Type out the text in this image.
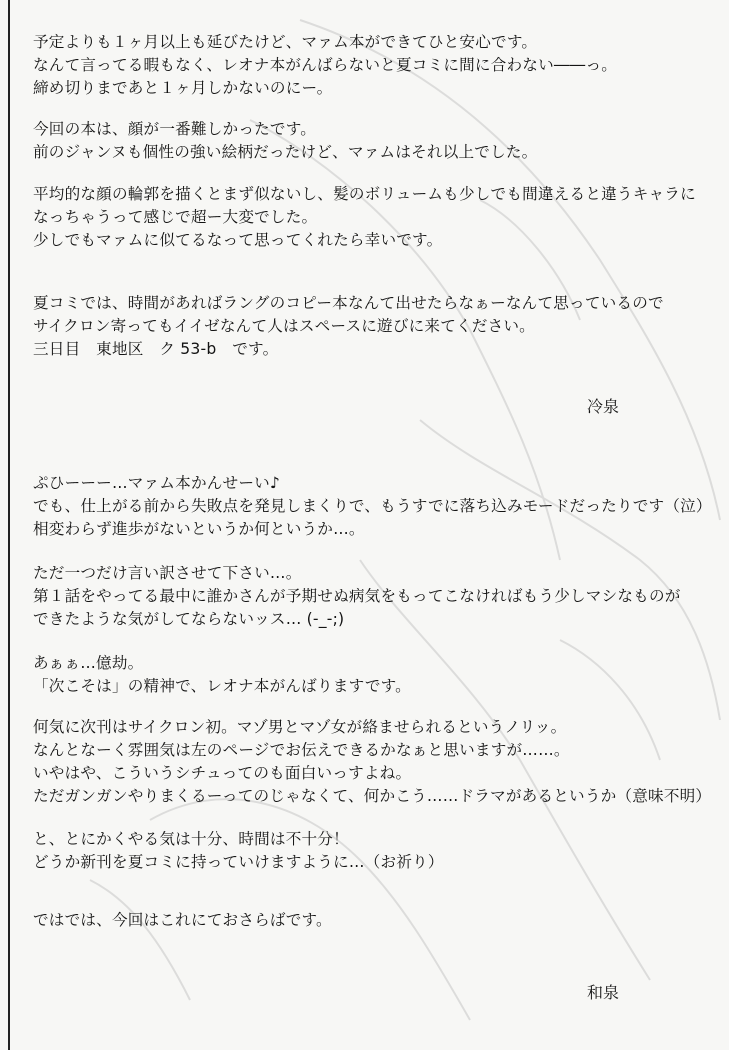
予定よりも１ヶ月以上も延びたけど、マァム本ができてひと安心です。
なんて言ってる暇もなく、レオナ本がんばらないと夏コミに間に合わない――っ。
締め切りまであと１ヶ月しかないのにー。
今回の本は、顔が一番難しかったです。
前のジャンヌも個性の強い絵柄だったけど、マァムはそれ以上でした。
平均的な顔の輪郭を描くとまず似ないし、髪のボリュームも少しでも間違えると違うキャラに
なっちゃうって感じで超ー大変でした。
少しでもマァムに似てるなって思ってくれたら幸いです。
夏コミでは、時間があればラングのコピー本なんて出せたらなぁーなんて思っているので
サイクロン寄ってもイイゼなんて人はスペースに遊びに来てください。
三日目　東地区　ク 53-b　です。
冷泉
ぷひーーー…マァム本かんせーい♪
でも、仕上がる前から失敗点を発見しまくりで、もうすでに落ち込みモードだったりです（泣）
相変わらず進歩がないというか何というか…。
ただ一つだけ言い訳させて下さい…。
第１話をやってる最中に誰かさんが予期せぬ病気をもってこなければもう少しマシなものが
できたような気がしてならないッス… (-_-;)
あぁぁ…億劫。
「次こそは」の精神で、レオナ本がんばりますです。
何気に次刊はサイクロン初。マゾ男とマゾ女が絡ませられるというノリッ。
なんとなーく雰囲気は左のページでお伝えできるかなぁと思いますが……。
いやはや、こういうシチュってのも面白いっすよね。
ただガンガンやりまくるーってのじゃなくて、何かこう……ドラマがあるというか（意味不明）
と、とにかくやる気は十分、時間は不十分！
どうか新刊を夏コミに持っていけますように…（お祈り）
ではでは、今回はこれにておさらばです。
和泉
